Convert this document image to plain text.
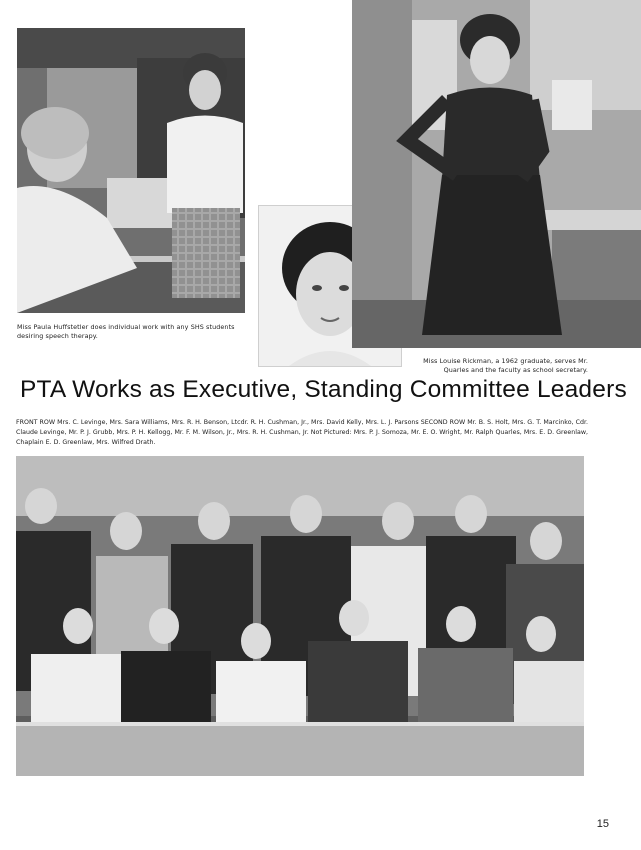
Miss Paula Huffstetler does individual work with any SHS students desiring speech therapy.
Miss Louise Rickman, a 1962 graduate, serves Mr. Quarles and the faculty as school secretary.
PTA Works as Executive, Standing Committee Leaders
FRONT ROW Mrs. C. Levinge, Mrs. Sara Williams, Mrs. R. H. Benson, Ltcdr. R. H. Cushman, Jr., Mrs. David Kelly, Mrs. L. J. Parsons SECOND ROW Mr. B. S. Holt, Mrs. G. T. Marcinko, Cdr. Claude Levinge, Mr. P. J. Grubb, Mrs. P. H. Kellogg, Mr. F. M. Wilson, Jr., Mrs. R. H. Cushman, Jr. Not Pictured: Mrs. P. J. Somoza, Mr. E. O. Wright, Mr. Ralph Quarles, Mrs. E. D. Greenlaw, Chaplain E. D. Greenlaw, Mrs. Wilfred Drath.
15
